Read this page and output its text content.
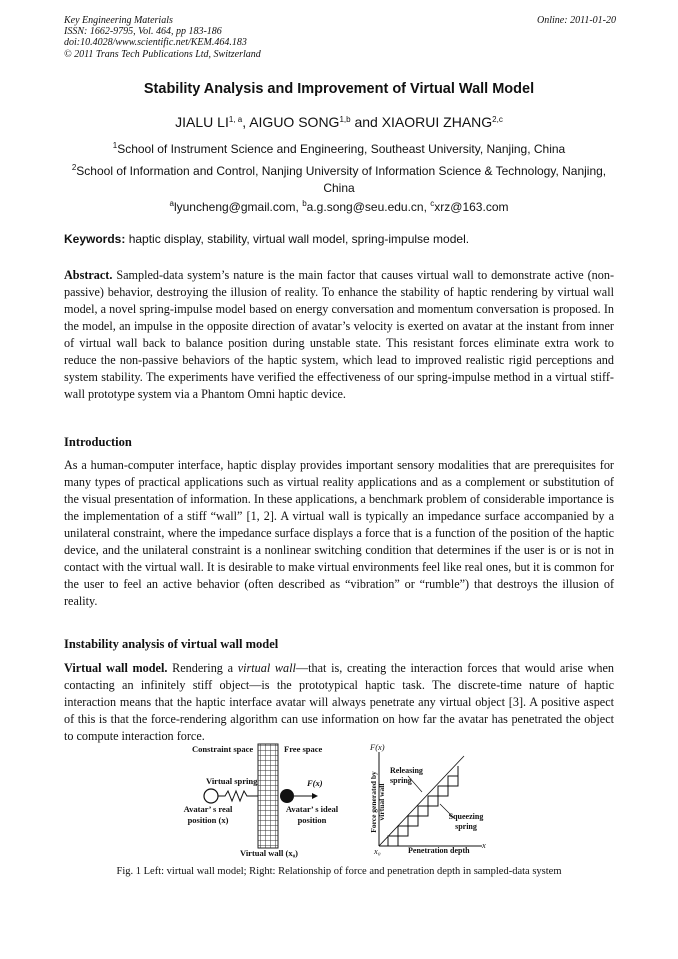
Key Engineering Materials
ISSN: 1662-9795, Vol. 464, pp 183-186
doi:10.4028/www.scientific.net/KEM.464.183
© 2011 Trans Tech Publications Ltd, Switzerland
Online: 2011-01-20
Stability Analysis and Improvement of Virtual Wall Model
JIALU LI$^{1, a}$, AIGUO SONG$^{1,b}$ and XIAORUI ZHANG$^{2,c}$
$^1$School of Instrument Science and Engineering, Southeast University, Nanjing, China
$^2$School of Information and Control, Nanjing University of Information Science & Technology, Nanjing, China
$^a$lyuncheng@gmail.com, $^b$a.g.song@seu.edu.cn, $^c$xrz@163.com
Keywords: haptic display, stability, virtual wall model, spring-impulse model.
Abstract. Sampled-data system’s nature is the main factor that causes virtual wall to demonstrate active (non-passive) behavior, destroying the illusion of reality. To enhance the stability of haptic rendering by virtual wall model, a novel spring-impulse model based on energy conversation and momentum conversation is proposed. In the model, an impulse in the opposite direction of avatar’s velocity is exerted on avatar at the instant from inner of virtual wall back to balance position during unstable state. This resistant forces eliminate extra work to reduce the non-passive behaviors of the haptic system, which lead to improved realistic rigid perceptions and system stability. The experiments have verified the effectiveness of our spring-impulse method in a virtual stiff-wall prototype system via a Phantom Omni haptic device.
Introduction
As a human-computer interface, haptic display provides important sensory modalities that are prerequisites for many types of practical applications such as virtual reality applications and as a complement or substitution of the visual presentation of information. In these applications, a benchmark problem of considerable importance is the implementation of a stiff “wall” [1, 2]. A virtual wall is typically an impedance surface accompanied by a unilateral constraint, where the impedance surface displays a force that is a function of the position of the haptic device, and the unilateral constraint is a nonlinear switching condition that determines if the user is or is not in contact with the virtual wall. It is desirable to make virtual environments feel like real ones, but it is common for the user to feel an active behavior (often described as “vibration” or “rumble”) that destroys the illusion of reality.
Instability analysis of virtual wall model
Virtual wall model. Rendering a virtual wall—that is, creating the interaction forces that would arise when contacting an infinitely stiff object—is the prototypical haptic task. The discrete-time nature of haptic interaction means that the haptic interface avatar will always penetrate any virtual object [3]. A positive aspect of this is that the force-rendering algorithm can use information on how far the avatar has penetrated the object to compute interaction force.
Constraint space	Free space
Virtual spring	F(x)
Avatar’ s real position (x)
Avatar’ s ideal position
Virtual wall (x₀)
F(x)
Force generated by virtual wall
Releasing spring
Squeezing spring
x₀	Penetration depth
x
Fig. 1 Left: virtual wall model; Right: Relationship of force and penetration depth in sampled-data system
